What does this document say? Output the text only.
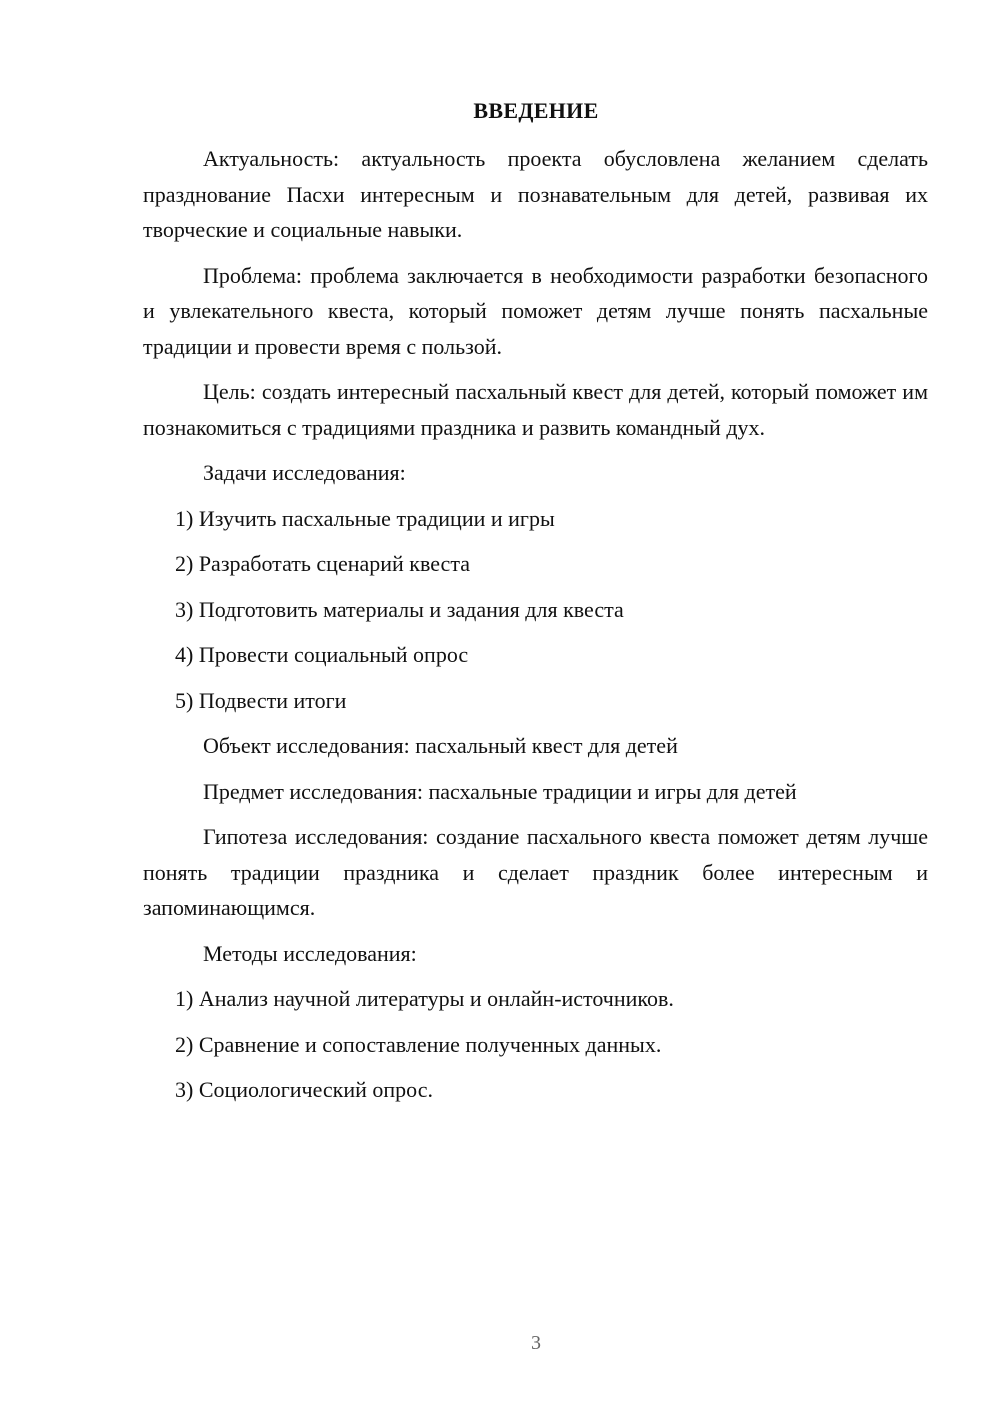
ВВЕДЕНИЕ

Актуальность: актуальность проекта обусловлена желанием сделать празднование Пасхи интересным и познавательным для детей, развивая их творческие и социальные навыки.

Проблема: проблема заключается в необходимости разработки безопасного и увлекательного квеста, который поможет детям лучше понять пасхальные традиции и провести время с пользой.

Цель: создать интересный пасхальный квест для детей, который поможет им познакомиться с традициями праздника и развить командный дух.

Задачи исследования:

1) Изучить пасхальные традиции и игры

2) Разработать сценарий квеста

3) Подготовить материалы и задания для квеста

4) Провести социальный опрос

5) Подвести итоги

Объект исследования: пасхальный квест для детей

Предмет исследования: пасхальные традиции и игры для детей

Гипотеза исследования: создание пасхального квеста поможет детям лучше понять традиции праздника и сделает праздник более интересным и запоминающимся.

Методы исследования:

1) Анализ научной литературы и онлайн-источников.

2) Сравнение и сопоставление полученных данных.

3) Социологический опрос.

3
